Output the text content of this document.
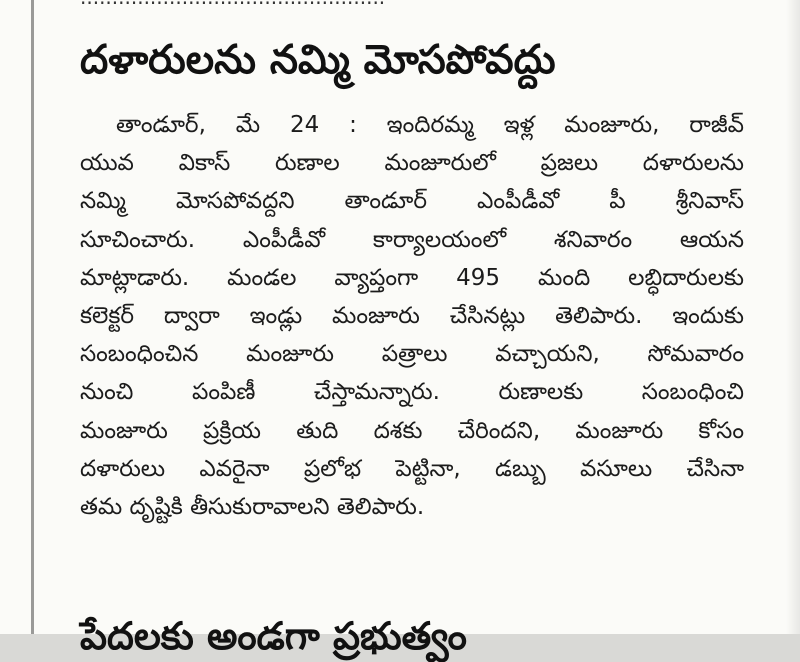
దళారులను నమ్మి మోసపోవద్దు
తాండూర్, మే 24 : ఇందిరమ్మ ఇళ్ల మంజూరు, రాజీవ్
యువ వికాస్ రుణాల మంజూరులో ప్రజలు దళారులను
నమ్మి మోసపోవద్దని తాండూర్ ఎంపీడీవో పీ శ్రీనివాస్
సూచించారు. ఎంపీడీవో కార్యాలయంలో శనివారం ఆయన
మాట్లాడారు. మండల వ్యాప్తంగా 495 మంది లబ్ధిదారులకు
కలెక్టర్ ద్వారా ఇండ్లు మంజూరు చేసినట్లు తెలిపారు. ఇందుకు
సంబంధించిన మంజూరు పత్రాలు వచ్చాయని, సోమవారం
నుంచి పంపిణీ చేస్తామన్నారు. రుణాలకు సంబంధించి
మంజూరు ప్రక్రియ తుది దశకు చేరిందని, మంజూరు కోసం
దళారులు ఎవరైనా ప్రలోభ పెట్టినా, డబ్బు వసూలు చేసినా
తమ దృష్టికి తీసుకురావాలని తెలిపారు.
పేదలకు అండగా ప్రభుత్వం
